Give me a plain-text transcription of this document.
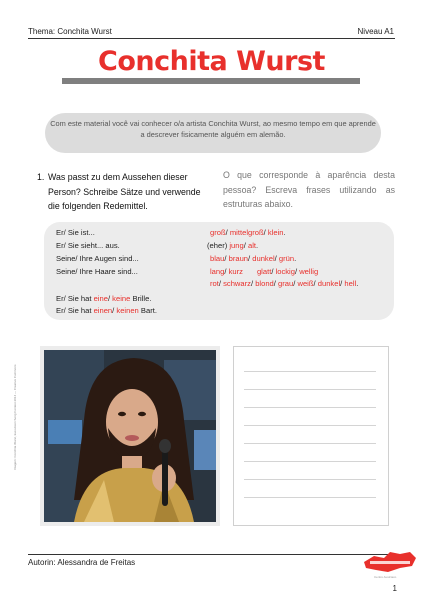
Thema: Conchita Wurst	Niveau A1
Conchita Wurst
Com este material você vai conhecer o/a artista Conchita Wurst, ao mesmo tempo em que aprende a descrever fisicamente alguém em alemão.
1. Was passt zu dem Aussehen dieser
Person? Schreibe Sätze und verwende
die folgenden Redemittel.
O que corresponde à aparência desta pessoa? Escreva frases utilizando as estruturas abaixo.
Er/ Sie ist...
Er/ Sie sieht... aus.
Seine/ Ihre Augen sind...
Seine/ Ihre Haare sind...
groß/ mittelgroß/ klein.
(eher) jung/ alt.
blau/ braun/ dunkel/ grün.
lang/ kurz glatt/ lockig/ wellig
rot/ schwarz/ blond/ grau/ weiß/ dunkel/ hell.
Er/ Sie hat eine/ keine Brille.
Er/ Sie hat einen/ keinen Bart.
Imagem: Conchita Wurst, Eurovision Song Contest 2014 — Creative Commons
Autorin: Alessandra de Freitas
Centro Austríaco
1
